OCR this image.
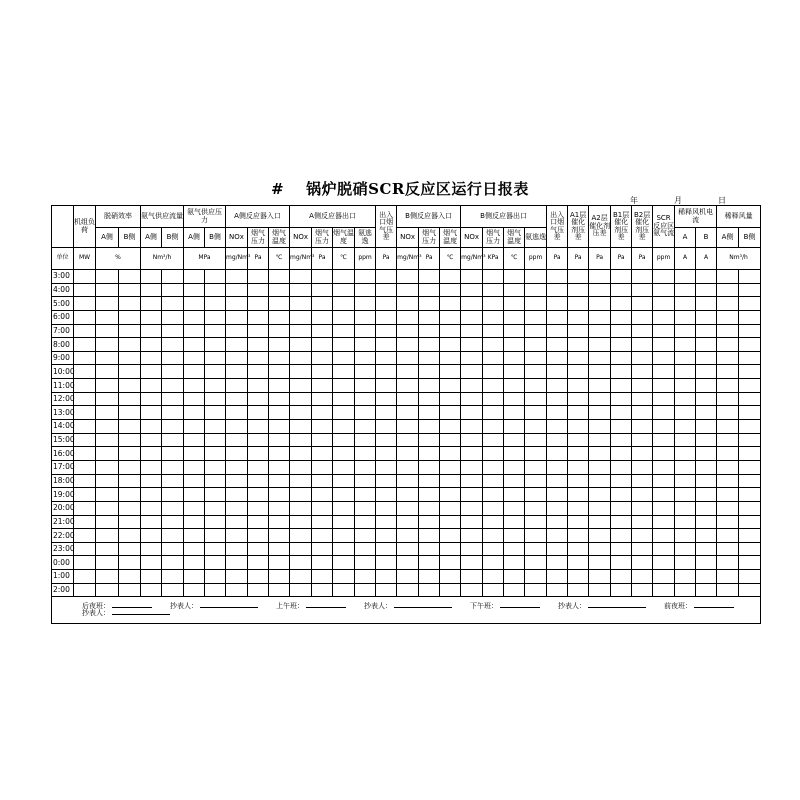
# 锅炉脱硝SCR反应区运行日报表
年	月	日
	机组负荷	脱硝效率		氨气供应流量		氨气供应压力		A侧反应器入口			A侧反应器出口				出入口烟气压差	B侧反应器入口			B侧反应器出口				出入口烟气压差	A1层催化剂压差	A2层催化剂压差	B1层催化剂压差	B2层催化剂压差	SCR反应区氨气流	稀释风机电流		稀释风量	
		A侧	B侧	A侧	B侧	A侧	B侧	NOx	烟气压力	烟气温度	NOx	烟气压力	烟气温度	氨逃逸		NOx	烟气压力	烟气温度	NOx	烟气压力	烟气温度	氨逃逸							A	B	A侧	B侧
单位	MW	%		Nm³/h		MPa		mg/Nm³	Pa	℃	mg/Nm³	Pa	℃	ppm	Pa	mg/Nm³	Pa	℃	mg/Nm³	KPa	℃	ppm	Pa	Pa	Pa	Pa	Pa	ppm	A	A	Nm³/h	
3:00																																
4:00																																
5:00																																
6:00																																
7:00																																
8:00																																
9:00																																
10:00																																
11:00																																
12:00																																
13:00																																
14:00																																
15:00																																
16:00																																
17:00																																
18:00																																
19:00																																
20:00																																
21:00																																
22:00																																
23:00																																
0:00																																
1:00																																
2:00																																
后夜班： 抄表人： 上午班： 抄表人： 下午班： 抄表人： 前夜班：抄表人：																																
